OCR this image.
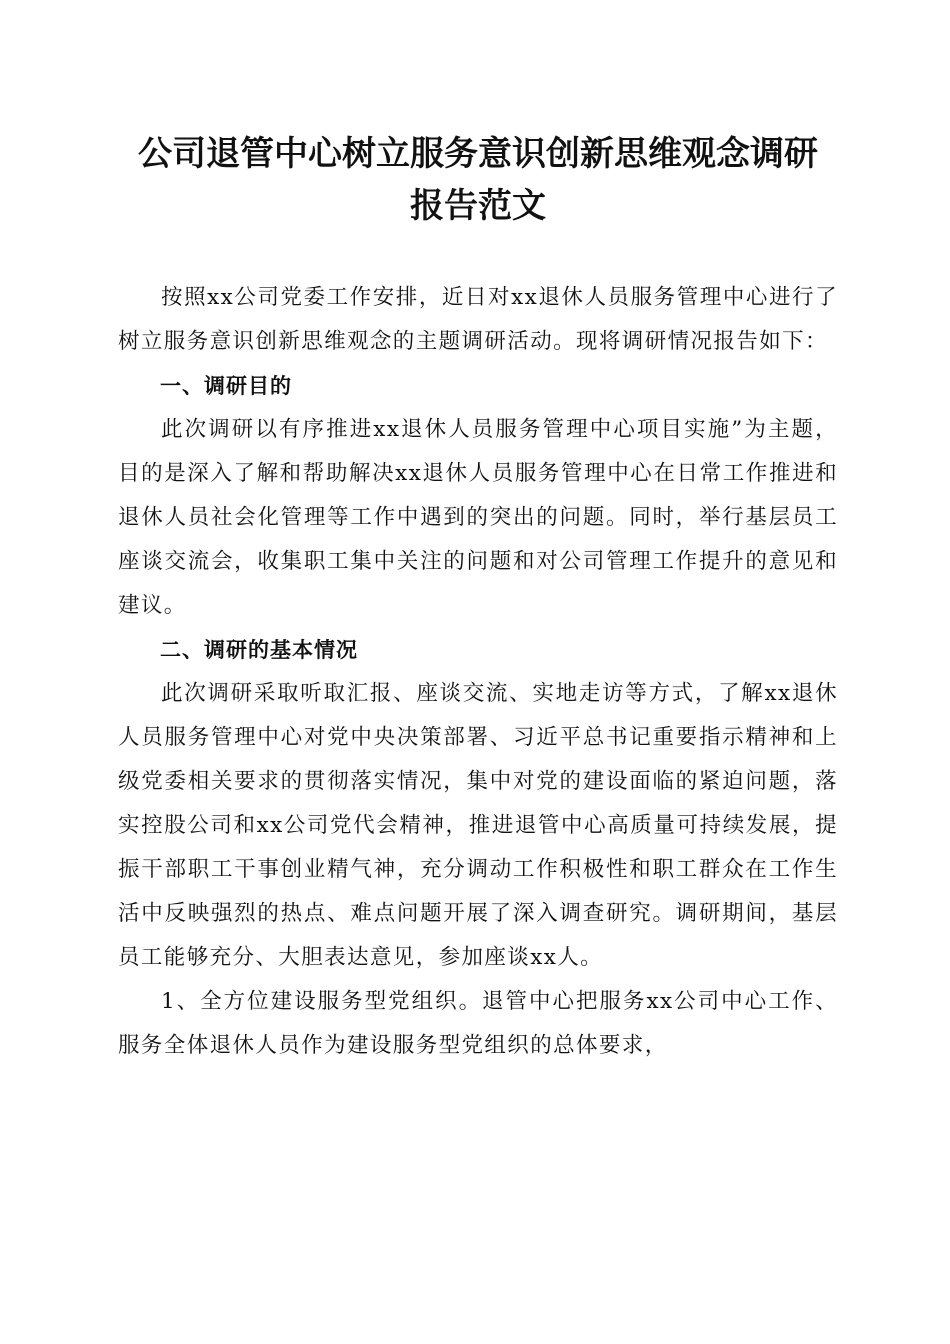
公司退管中心树立服务意识创新思维观念调研
报告范文

按照xx公司党委工作安排，近日对xx退休人员服务管理中心进行了树立服务意识创新思维观念的主题调研活动。现将调研情况报告如下：

一、调研目的

此次调研以有序推进xx退休人员服务管理中心项目实施”为主题，目的是深入了解和帮助解决xx退休人员服务管理中心在日常工作推进和退休人员社会化管理等工作中遇到的突出的问题。同时，举行基层员工座谈交流会，收集职工集中关注的问题和对公司管理工作提升的意见和建议。

二、调研的基本情况

此次调研采取听取汇报、座谈交流、实地走访等方式，了解xx退休人员服务管理中心对党中央决策部署、习近平总书记重要指示精神和上级党委相关要求的贯彻落实情况，集中对党的建设面临的紧迫问题，落实控股公司和xx公司党代会精神，推进退管中心高质量可持续发展，提振干部职工干事创业精气神，充分调动工作积极性和职工群众在工作生活中反映强烈的热点、难点问题开展了深入调查研究。调研期间，基层员工能够充分、大胆表达意见，参加座谈xx人。

1、全方位建设服务型党组织。退管中心把服务xx公司中心工作、服务全体退休人员作为建设服务型党组织的总体要求，
